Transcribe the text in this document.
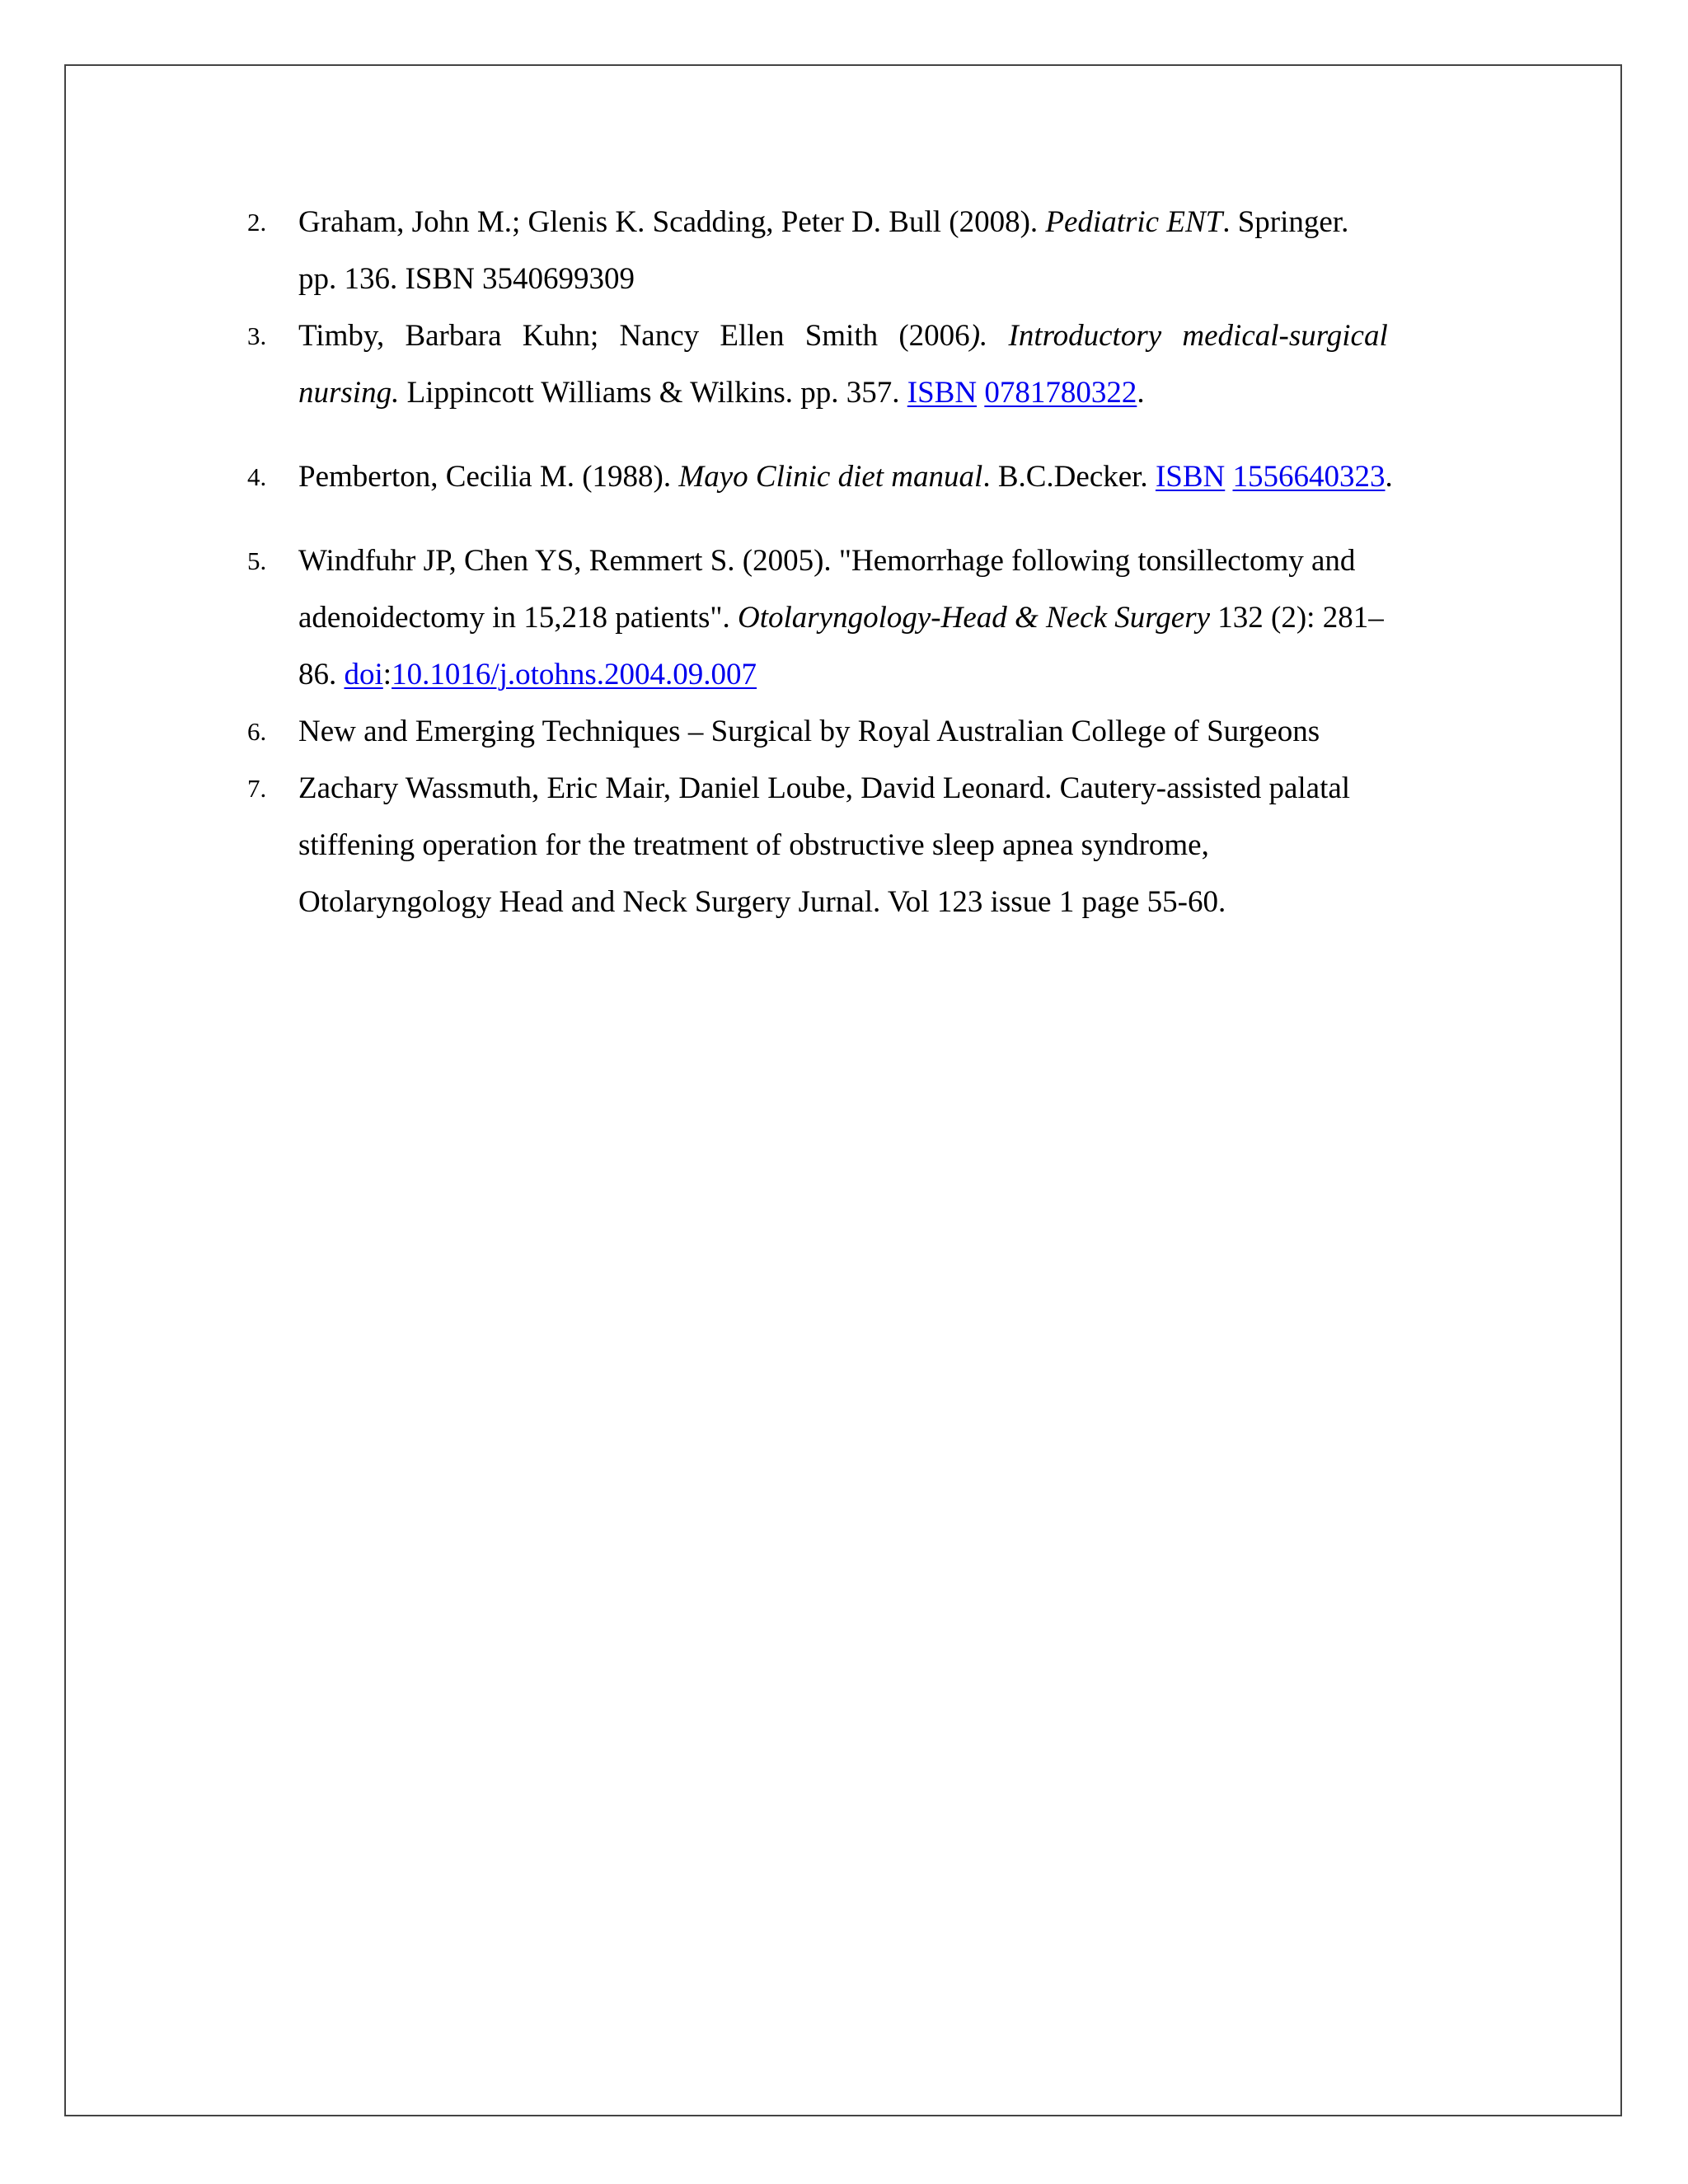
2. Graham, John M.; Glenis K. Scadding, Peter D. Bull (2008). Pediatric ENT. Springer.
pp. 136. ISBN 3540699309
3. Timby, Barbara Kuhn; Nancy Ellen Smith (2006). Introductory medical-surgical
nursing. Lippincott Williams & Wilkins. pp. 357. ISBN 0781780322.
4. Pemberton, Cecilia M. (1988). Mayo Clinic diet manual. B.C.Decker. ISBN 1556640323.
5. Windfuhr JP, Chen YS, Remmert S. (2005). "Hemorrhage following tonsillectomy and
adenoidectomy in 15,218 patients". Otolaryngology-Head & Neck Surgery 132 (2): 281–
86. doi:10.1016/j.otohns.2004.09.007
6. New and Emerging Techniques – Surgical by Royal Australian College of Surgeons
7. Zachary Wassmuth, Eric Mair, Daniel Loube, David Leonard. Cautery-assisted palatal
stiffening operation for the treatment of obstructive sleep apnea syndrome,
Otolaryngology Head and Neck Surgery Jurnal. Vol 123 issue 1 page 55-60.
